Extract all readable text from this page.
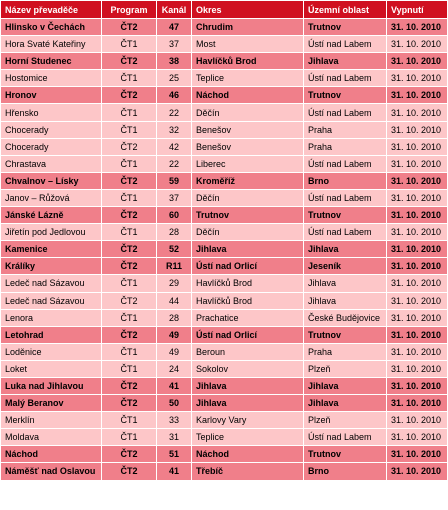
Název převaděče	Program	Kanál	Okres	Územní oblast	Vypnutí
Hlinsko v Čechách	ČT2	47	Chrudim	Trutnov	31. 10. 2010
Hora Svaté Kateřiny	ČT1	37	Most	Ústí nad Labem	31. 10. 2010
Horní Studenec	ČT2	38	Havlíčků Brod	Jihlava	31. 10. 2010
Hostomice	ČT1	25	Teplice	Ústí nad Labem	31. 10. 2010
Hronov	ČT2	46	Náchod	Trutnov	31. 10. 2010
Hřensko	ČT1	22	Děčín	Ústí nad Labem	31. 10. 2010
Choceradу	ČT1	32	Benešov	Praha	31. 10. 2010
Choceradу	ČT2	42	Benešov	Praha	31. 10. 2010
Chrastava	ČT1	22	Liberec	Ústí nad Labem	31. 10. 2010
Chvalnov – Lísky	ČT2	59	Kroměříž	Brno	31. 10. 2010
Janov – Růžová	ČT1	37	Děčín	Ústí nad Labem	31. 10. 2010
Jánské Lázně	ČT2	60	Trutnov	Trutnov	31. 10. 2010
Jiřetín pod Jedlovou	ČT1	28	Děčín	Ústí nad Labem	31. 10. 2010
Kamenice	ČT2	52	Jihlava	Jihlava	31. 10. 2010
Králíky	ČT2	R11	Ústí nad Orlicí	Jeseník	31. 10. 2010
Ledeč nad Sázavou	ČT1	29	Havlíčků Brod	Jihlava	31. 10. 2010
Ledeč nad Sázavou	ČT2	44	Havlíčků Brod	Jihlava	31. 10. 2010
Lenora	ČT1	28	Prachatice	České Budějovice	31. 10. 2010
Letohrad	ČT2	49	Ústí nad Orlicí	Trutnov	31. 10. 2010
Loděnice	ČT1	49	Beroun	Praha	31. 10. 2010
Loket	ČT1	24	Sokolov	Plzeň	31. 10. 2010
Luka nad Jihlavou	ČT2	41	Jihlava	Jihlava	31. 10. 2010
Malý Beranov	ČT2	50	Jihlava	Jihlava	31. 10. 2010
Merklín	ČT1	33	Karlovy Vary	Plzeň	31. 10. 2010
Moldava	ČT1	31	Teplice	Ústí nad Labem	31. 10. 2010
Náchod	ČT2	51	Náchod	Trutnov	31. 10. 2010
Náměšť nad Oslavou	ČT2	41	Třebíč	Brno	31. 10. 2010
